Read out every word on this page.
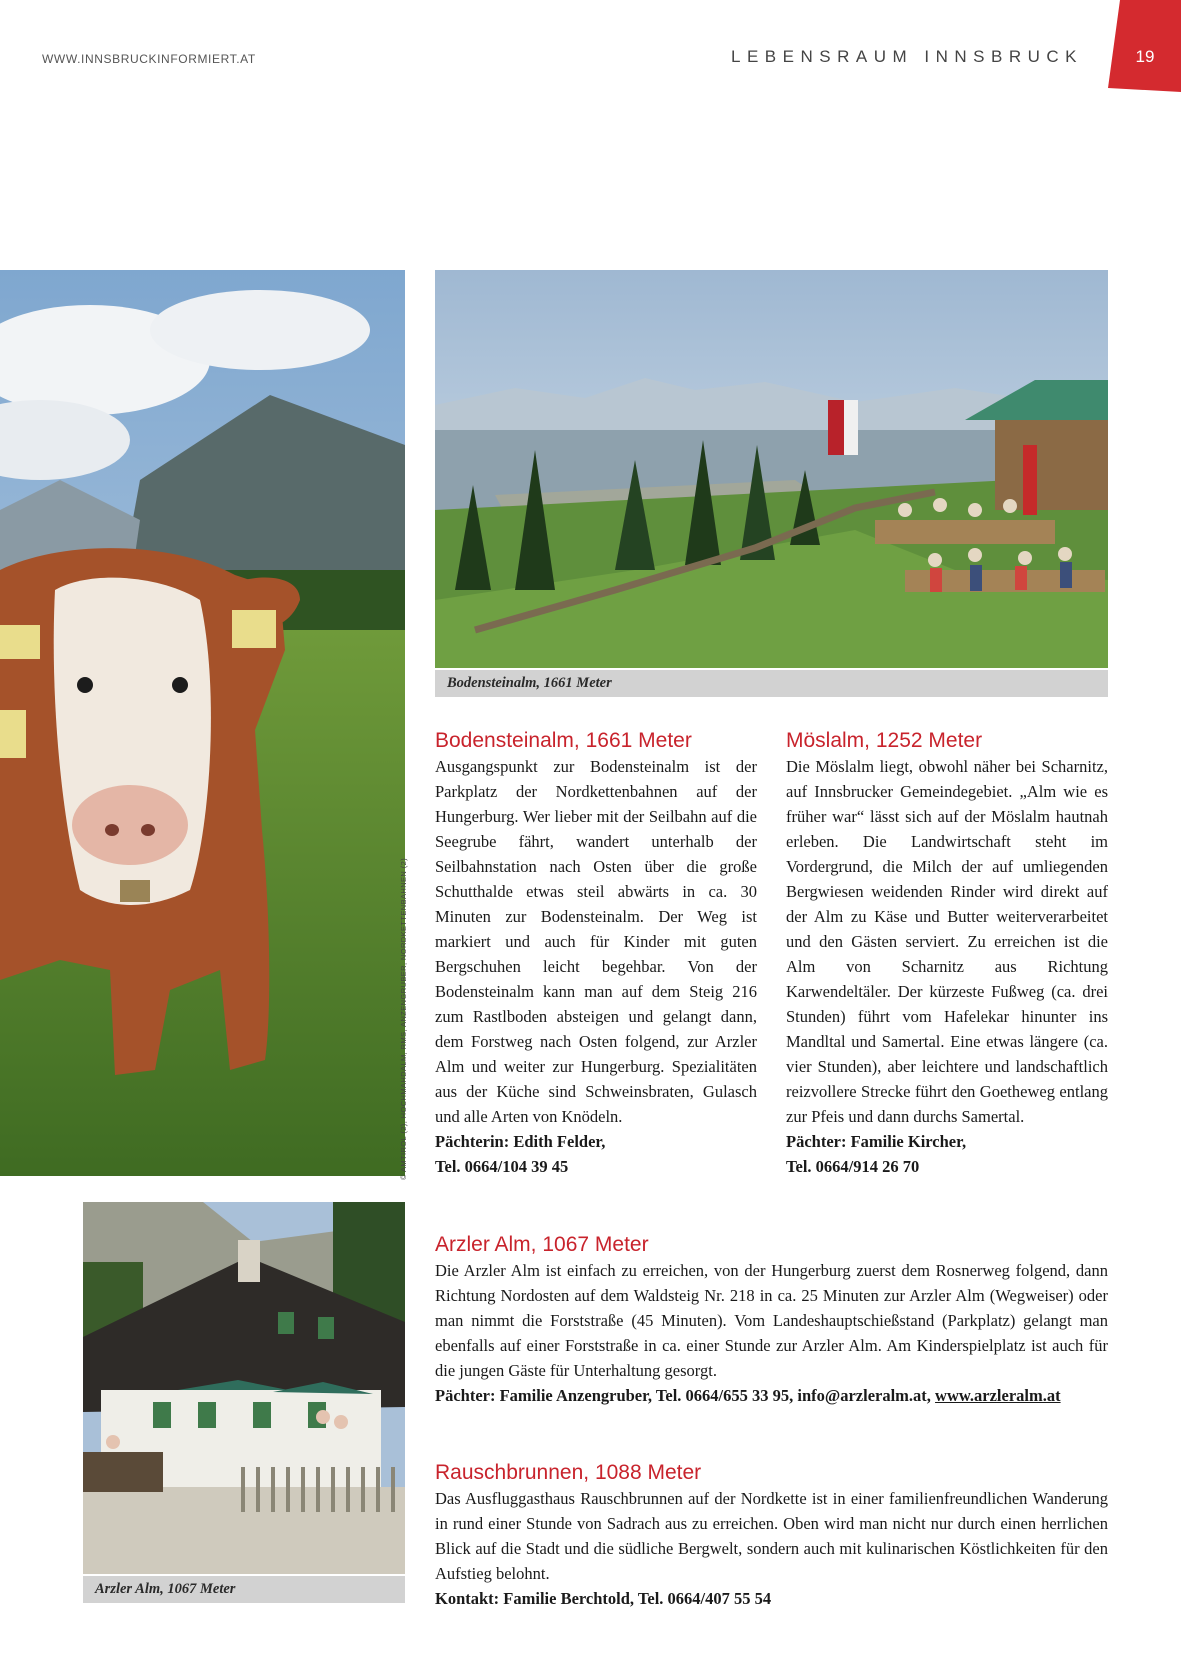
WWW.INNSBRUCKINFORMIERT.AT	LEBENSRAUM INNSBRUCK	19
© AMTIROL (2), HOCHMAHDALM, RMS, ANZENGRUBER, NORDKETTENBAHNEN (2)
Bodensteinalm, 1661 Meter
Arzler Alm, 1067 Meter
Bodensteinalm, 1661 Meter

Ausgangspunkt zur Bodensteinalm ist der Parkplatz der Nordkettenbahnen auf der Hungerburg. Wer lieber mit der Seilbahn auf die Seegrube fährt, wandert unterhalb der Seilbahnstation nach Osten über die große Schutthalde etwas steil abwärts in ca. 30 Minuten zur Bodensteinalm. Der Weg ist markiert und auch für Kinder mit guten Bergschuhen leicht begehbar. Von der Bodensteinalm kann man auf dem Steig 216 zum Rastlboden absteigen und gelangt dann, dem Forstweg nach Osten folgend, zur Arzler Alm und weiter zur Hungerburg. Spezialitäten aus der Küche sind Schweinsbraten, Gulasch und alle Arten von Knödeln.

Pächterin: Edith Felder,
Tel. 0664/104 39 45
Möslalm, 1252 Meter

Die Möslalm liegt, obwohl näher bei Scharnitz, auf Innsbrucker Gemeindegebiet. „Alm wie es früher war“ lässt sich auf der Möslalm hautnah erleben. Die Landwirtschaft steht im Vordergrund, die Milch der auf umliegenden Bergwiesen weidenden Rinder wird direkt auf der Alm zu Käse und Butter weiterverarbeitet und den Gästen serviert. Zu erreichen ist die Alm von Scharnitz aus Richtung Karwendeltäler. Der kürzeste Fußweg (ca. drei Stunden) führt vom Hafelekar hinunter ins Mandltal und Samertal. Eine etwas längere (ca. vier Stunden), aber leichtere und landschaftlich reizvollere Strecke führt den Goetheweg entlang zur Pfeis und dann durchs Samertal.

Pächter: Familie Kircher,
Tel. 0664/914 26 70
Arzler Alm, 1067 Meter

Die Arzler Alm ist einfach zu erreichen, von der Hungerburg zuerst dem Rosnerweg folgend, dann Richtung Nordosten auf dem Waldsteig Nr. 218 in ca. 25 Minuten zur Arzler Alm (Wegweiser) oder man nimmt die Forststraße (45 Minuten). Vom Landeshauptschießstand (Parkplatz) gelangt man ebenfalls auf einer Forststraße in ca. einer Stunde zur Arzler Alm. Am Kinderspielplatz ist auch für die jungen Gäste für Unterhaltung gesorgt.

Pächter: Familie Anzengruber, Tel. 0664/655 33 95, info@arzleralm.at, www.arzleralm.at
Rauschbrunnen, 1088 Meter

Das Ausfluggasthaus Rauschbrunnen auf der Nordkette ist in einer familienfreundlichen Wanderung in rund einer Stunde von Sadrach aus zu erreichen. Oben wird man nicht nur durch einen herrlichen Blick auf die Stadt und die südliche Bergwelt, sondern auch mit kulinarischen Köstlichkeiten für den Aufstieg belohnt.

Kontakt: Familie Berchtold, Tel. 0664/407 55 54
